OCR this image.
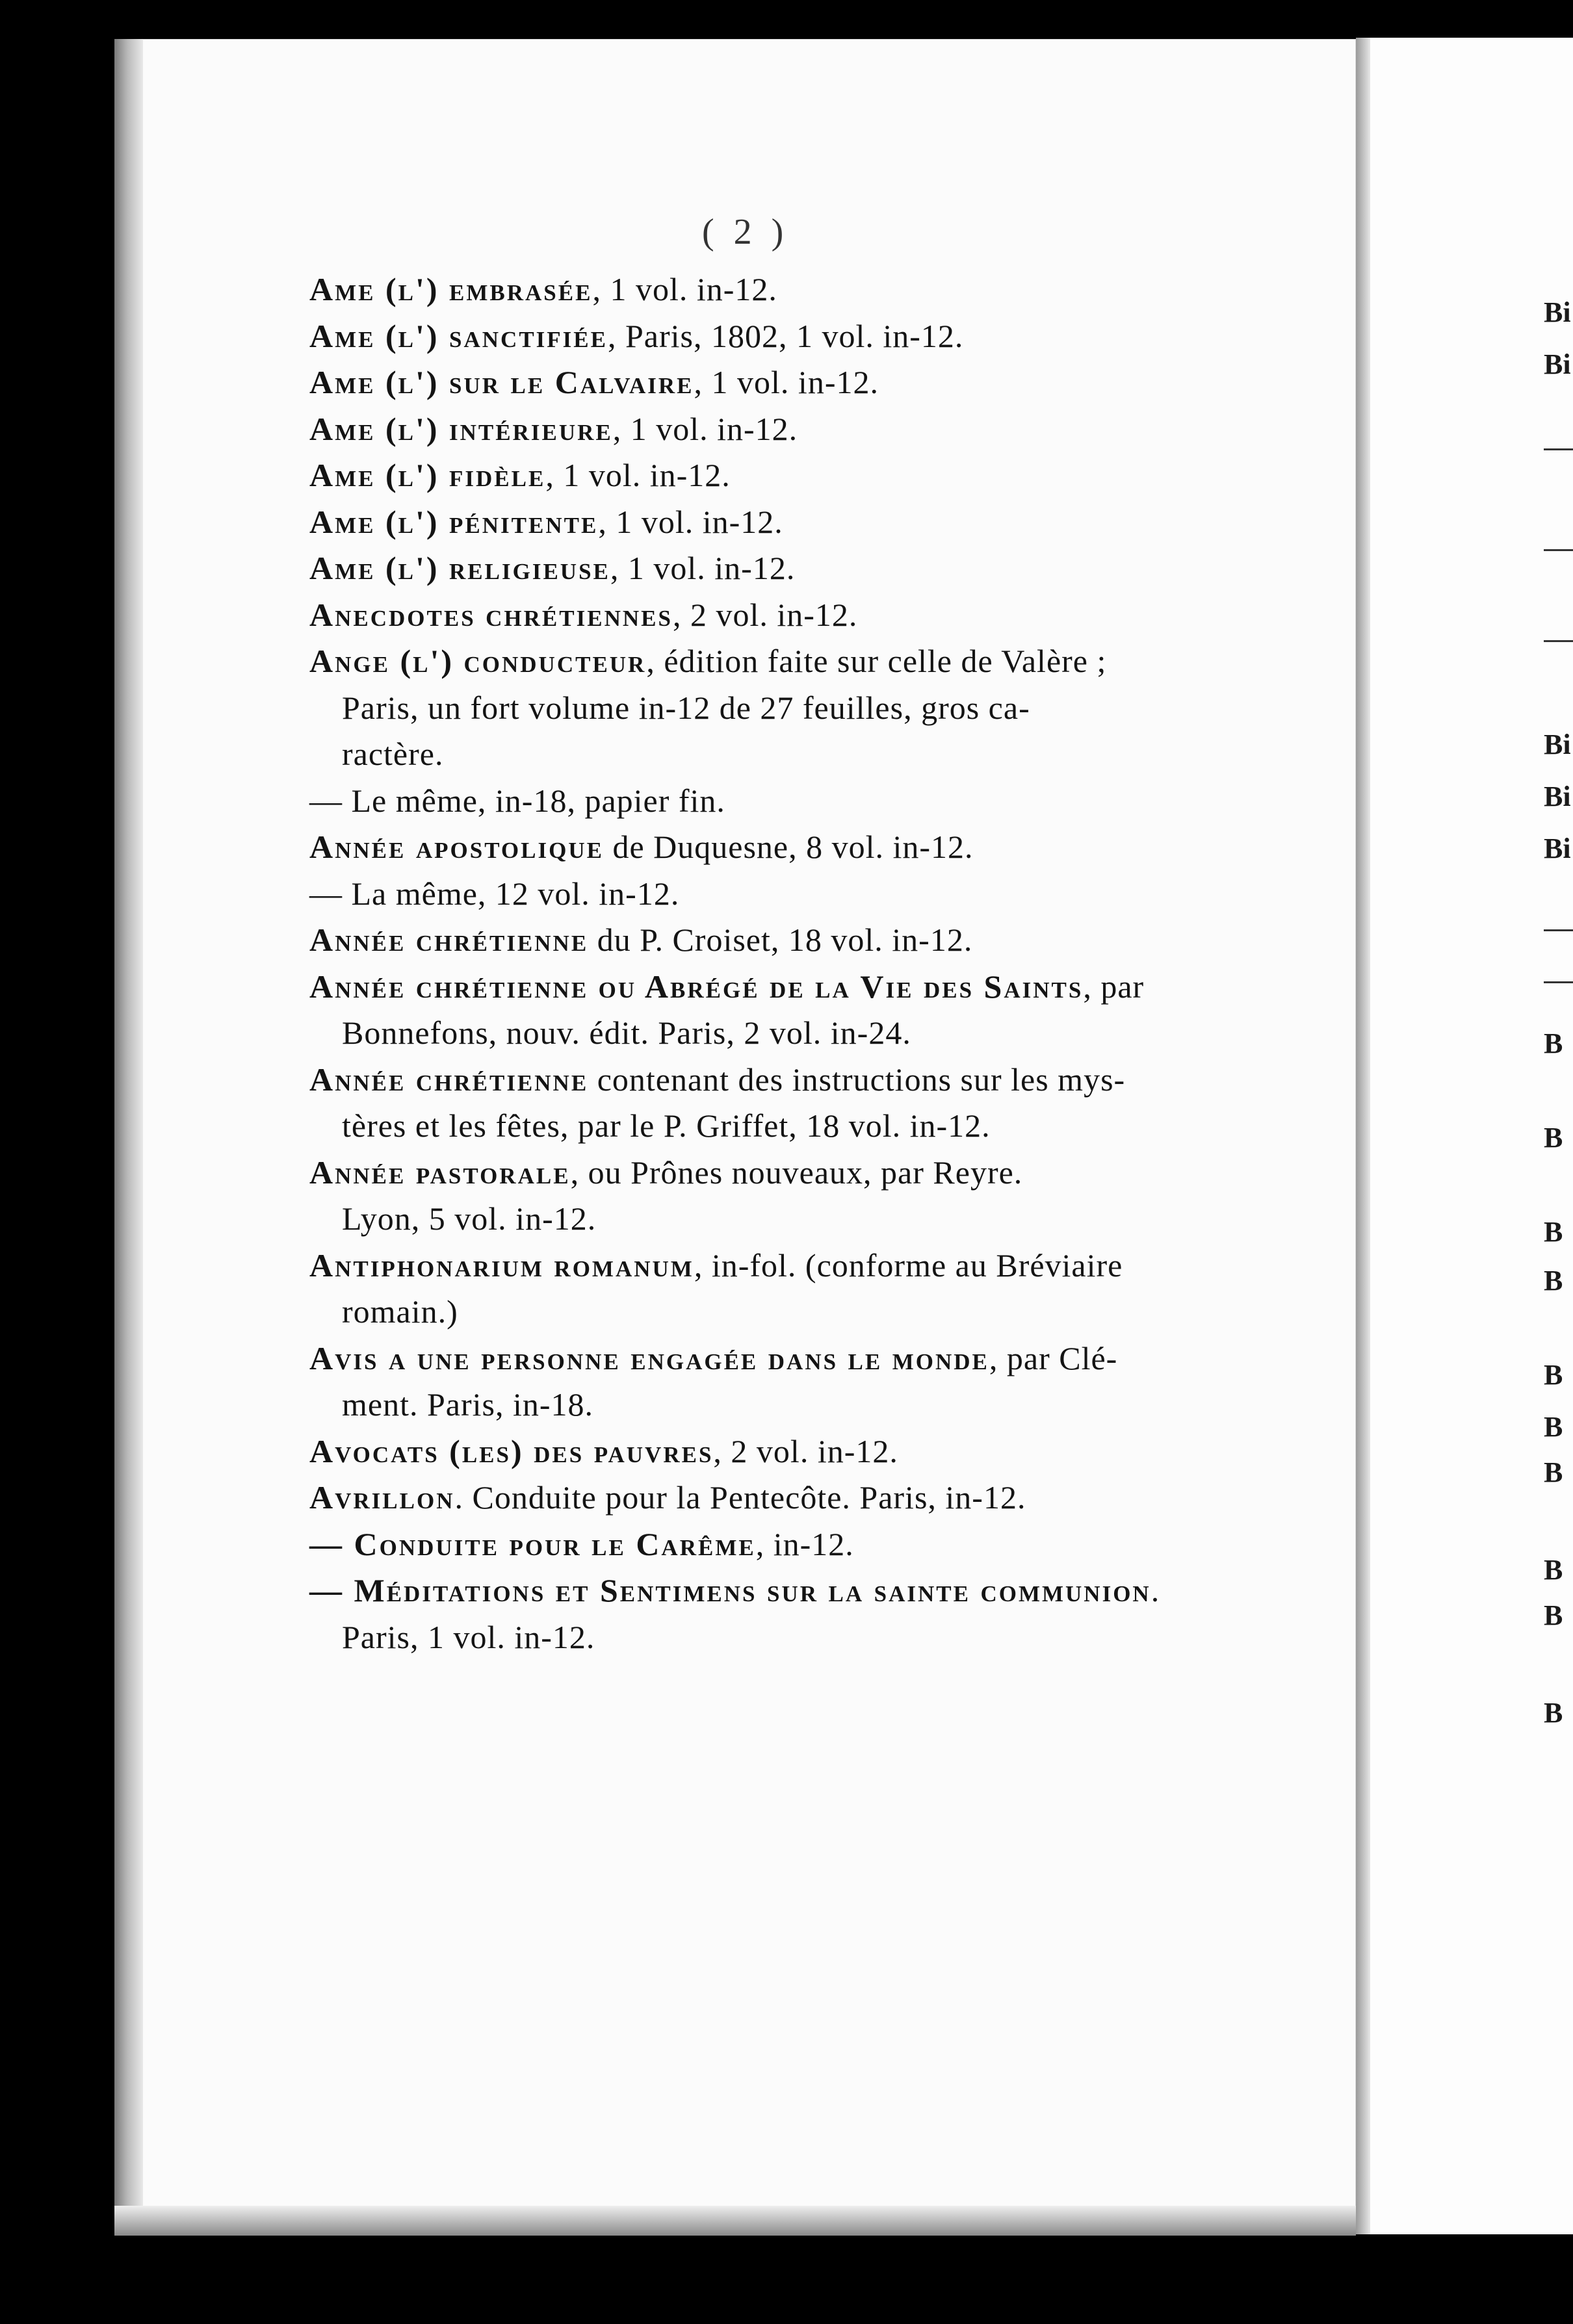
( 2 )
Ame (l') embrasée, 1 vol. in-12.
Ame (l') sanctifiée, Paris, 1802, 1 vol. in-12.
Ame (l') sur le Calvaire, 1 vol. in-12.
Ame (l') intérieure, 1 vol. in-12.
Ame (l') fidèle, 1 vol. in-12.
Ame (l') pénitente, 1 vol. in-12.
Ame (l') religieuse, 1 vol. in-12.
Anecdotes chrétiennes, 2 vol. in-12.
Ange (l') conducteur, édition faite sur celle de Valère ;
Paris, un fort volume in-12 de 27 feuilles, gros ca-
ractère.
— Le même, in-18, papier fin.
Année apostolique de Duquesne, 8 vol. in-12.
— La même, 12 vol. in-12.
Année chrétienne du P. Croiset, 18 vol. in-12.
Année chrétienne ou Abrégé de la Vie des Saints, par
Bonnefons, nouv. édit. Paris, 2 vol. in-24.
Année chrétienne contenant des instructions sur les mys-
tères et les fêtes, par le P. Griffet, 18 vol. in-12.
Année pastorale, ou Prônes nouveaux, par Reyre.
Lyon, 5 vol. in-12.
Antiphonarium romanum, in-fol. (conforme au Bréviaire
romain.)
Avis a une personne engagée dans le monde, par Clé-
ment. Paris, in-18.
Avocats (les) des pauvres, 2 vol. in-12.
Avrillon. Conduite pour la Pentecôte. Paris, in-12.
— Conduite pour le Carême, in-12.
— Méditations et Sentimens sur la sainte communion.
Paris, 1 vol. in-12.
Bi
Bi
Bi
Bi
Bi
B
B
B
B
B
B
B
B
B
B
